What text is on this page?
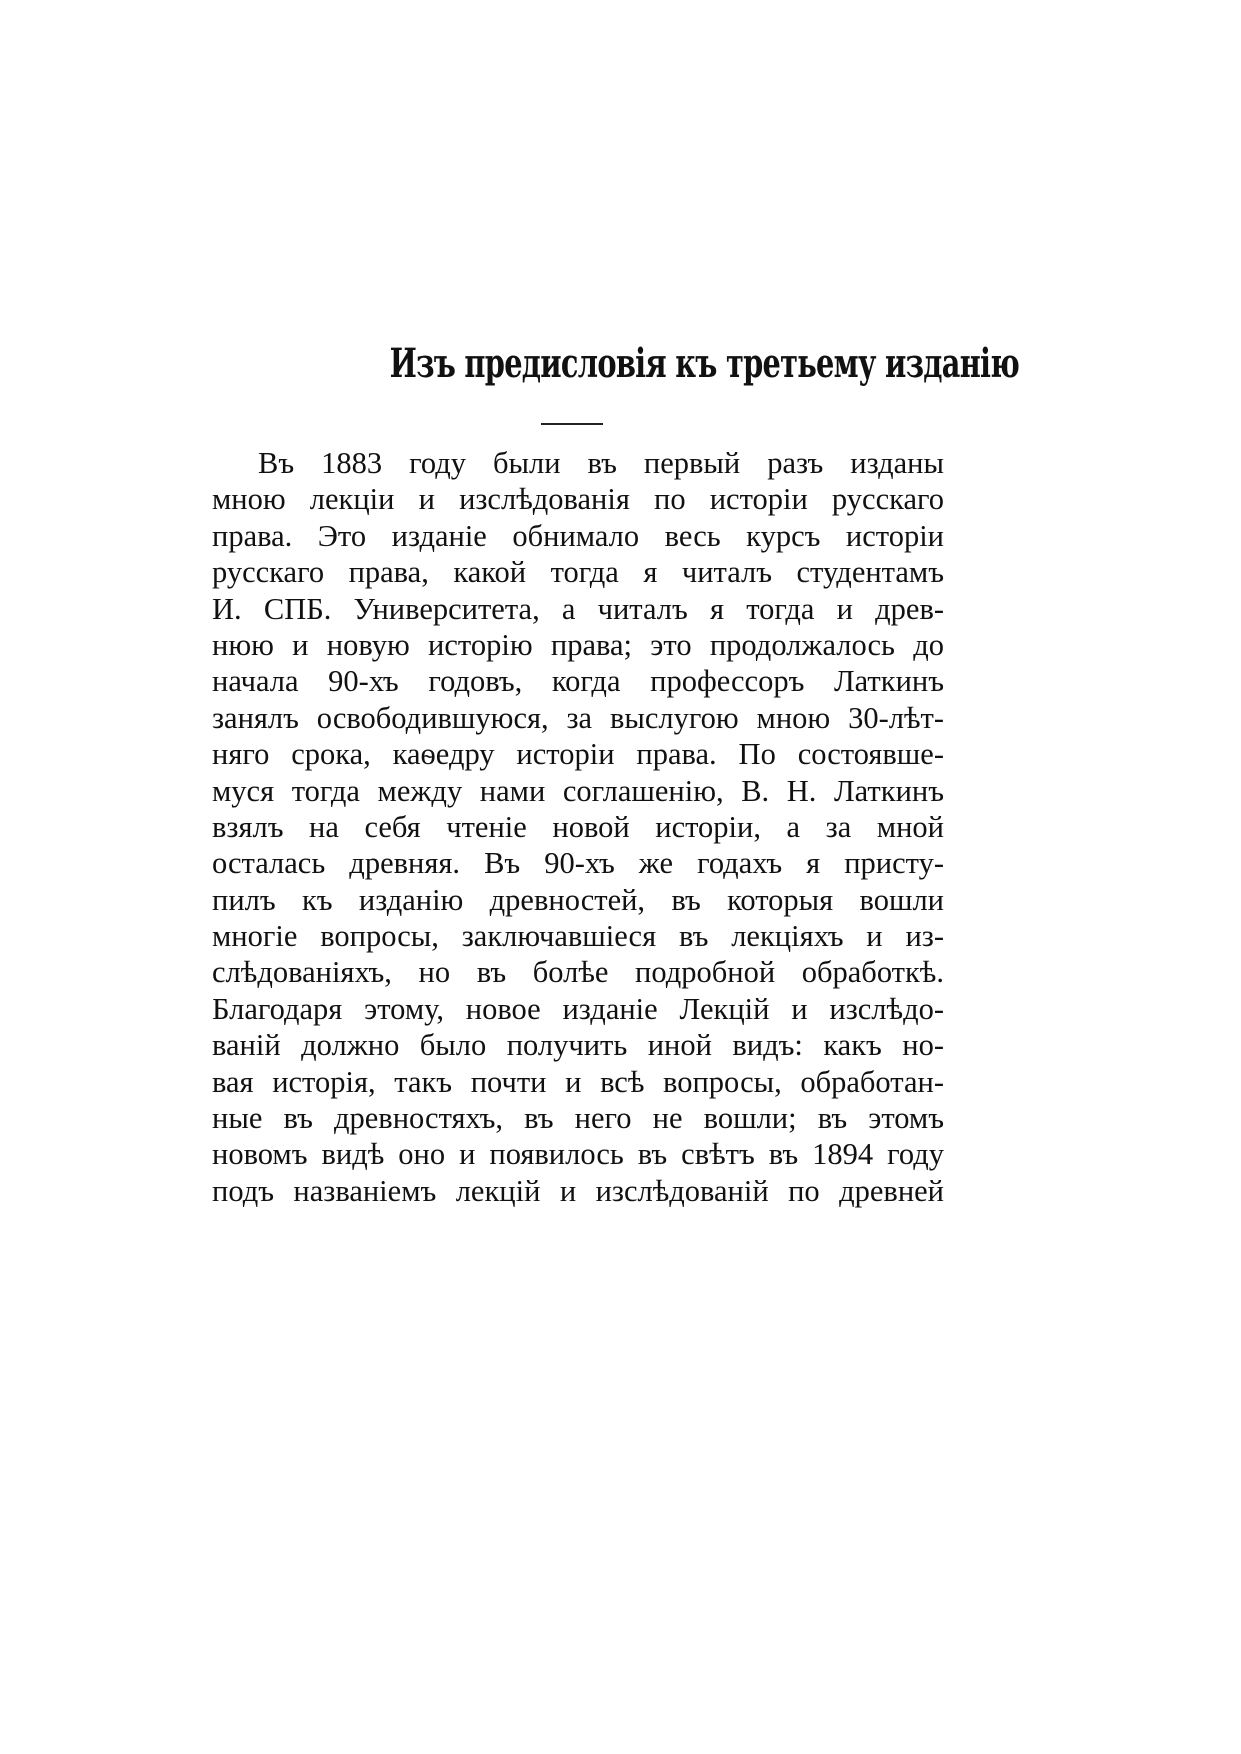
Изъ предисловія къ третьему изданію
Въ 1883 году были въ первый разъ изданы
мною лекціи и изслѣдованія по исторіи русскаго
права. Это изданіе обнимало весь курсъ исторіи
русскаго права, какой тогда я читалъ студентамъ
И. СПБ. Университета, а читалъ я тогда и древ-
нюю и новую исторію права; это продолжалось до
начала 90-хъ годовъ, когда профессоръ Латкинъ
занялъ освободившуюся, за выслугою мною 30-лѣт-
няго срока, каѳедру исторіи права. По состоявше-
муся тогда между нами соглашенію, В. Н. Латкинъ
взялъ на себя чтеніе новой исторіи, а за мной
осталась древняя. Въ 90-хъ же годахъ я присту-
пилъ къ изданію древностей, въ которыя вошли
многіе вопросы, заключавшіеся въ лекціяхъ и из-
слѣдованіяхъ, но въ болѣе подробной обработкѣ.
Благодаря этому, новое изданіе Лекцій и изслѣдо-
ваній должно было получить иной видъ: какъ но-
вая исторія, такъ почти и всѣ вопросы, обработан-
ные въ древностяхъ, въ него не вошли; въ этомъ
новомъ видѣ оно и появилось въ свѣтъ въ 1894 году
подъ названіемъ лекцій и изслѣдованій по древней
